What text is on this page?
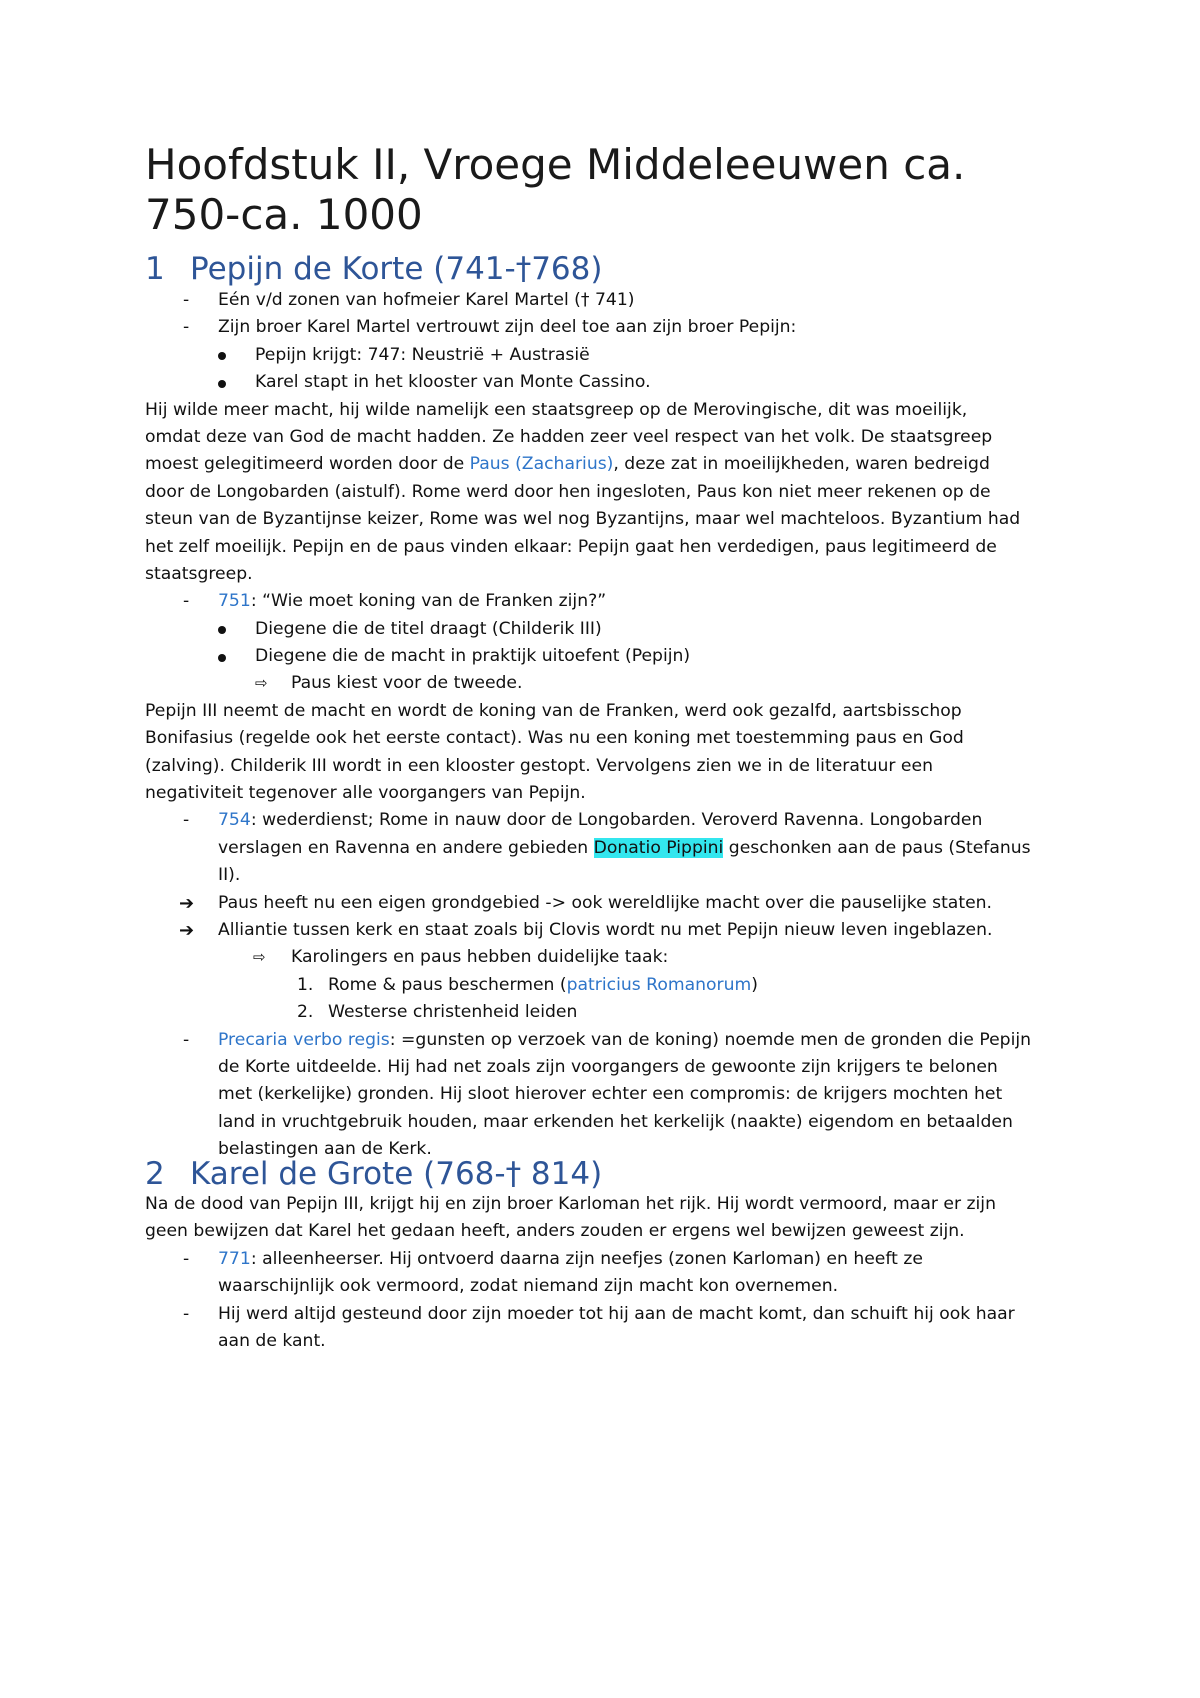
Hoofdstuk II, Vroege Middeleeuwen ca.
750-ca. 1000
1 Pepijn de Korte (741-†768)
- Eén v/d zonen van hofmeier Karel Martel († 741)
- Zijn broer Karel Martel vertrouwt zijn deel toe aan zijn broer Pepijn:
Pepijn krijgt: 747: Neustrië + Austrasië
Karel stapt in het klooster van Monte Cassino.
Hij wilde meer macht, hij wilde namelijk een staatsgreep op de Merovingische, dit was moeilijk,
omdat deze van God de macht hadden. Ze hadden zeer veel respect van het volk. De staatsgreep
moest gelegitimeerd worden door de Paus (Zacharius), deze zat in moeilijkheden, waren bedreigd
door de Longobarden (aistulf). Rome werd door hen ingesloten, Paus kon niet meer rekenen op de
steun van de Byzantijnse keizer, Rome was wel nog Byzantijns, maar wel machteloos. Byzantium had
het zelf moeilijk. Pepijn en de paus vinden elkaar: Pepijn gaat hen verdedigen, paus legitimeerd de
staatsgreep.
- 751: “Wie moet koning van de Franken zijn?”
Diegene die de titel draagt (Childerik III)
Diegene die de macht in praktijk uitoefent (Pepijn)
⇨ Paus kiest voor de tweede.
Pepijn III neemt de macht en wordt de koning van de Franken, werd ook gezalfd, aartsbisschop
Bonifasius (regelde ook het eerste contact). Was nu een koning met toestemming paus en God
(zalving). Childerik III wordt in een klooster gestopt. Vervolgens zien we in de literatuur een
negativiteit tegenover alle voorgangers van Pepijn.
- 754: wederdienst; Rome in nauw door de Longobarden. Veroverd Ravenna. Longobarden
verslagen en Ravenna en andere gebieden Donatio Pippini geschonken aan de paus (Stefanus
II).
➔ Paus heeft nu een eigen grondgebied -> ook wereldlijke macht over die pauselijke staten.
➔ Alliantie tussen kerk en staat zoals bij Clovis wordt nu met Pepijn nieuw leven ingeblazen.
⇨ Karolingers en paus hebben duidelijke taak:
1. Rome & paus beschermen (patricius Romanorum)
2. Westerse christenheid leiden
- Precaria verbo regis: =gunsten op verzoek van de koning) noemde men de gronden die Pepijn
de Korte uitdeelde. Hij had net zoals zijn voorgangers de gewoonte zijn krijgers te belonen
met (kerkelijke) gronden. Hij sloot hierover echter een compromis: de krijgers mochten het
land in vruchtgebruik houden, maar erkenden het kerkelijk (naakte) eigendom en betaalden
belastingen aan de Kerk.
2 Karel de Grote (768-† 814)
Na de dood van Pepijn III, krijgt hij en zijn broer Karloman het rijk. Hij wordt vermoord, maar er zijn
geen bewijzen dat Karel het gedaan heeft, anders zouden er ergens wel bewijzen geweest zijn.
- 771: alleenheerser. Hij ontvoerd daarna zijn neefjes (zonen Karloman) en heeft ze
waarschijnlijk ook vermoord, zodat niemand zijn macht kon overnemen.
- Hij werd altijd gesteund door zijn moeder tot hij aan de macht komt, dan schuift hij ook haar
aan de kant.
